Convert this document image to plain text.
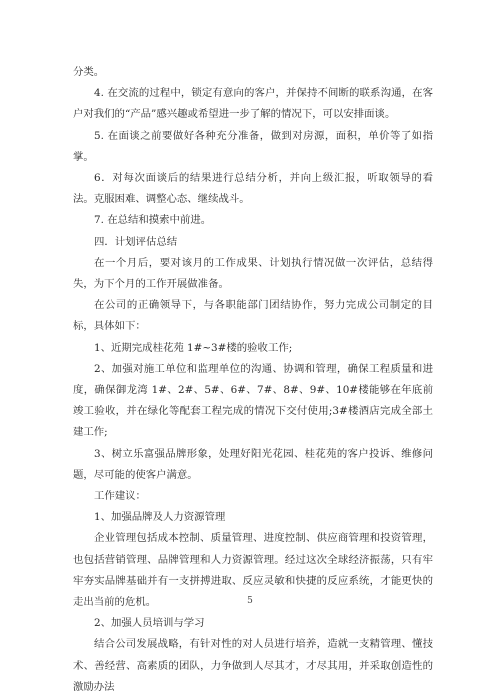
分类。

4. 在交流的过程中，锁定有意向的客户，并保持不间断的联系沟通，在客户对我们的“产品”感兴趣或希望进一步了解的情况下，可以安排面谈。

5. 在面谈之前要做好各种充分准备，做到对房源，面积，单价等了如指掌。

6．对每次面谈后的结果进行总结分析，并向上级汇报，听取领导的看法。克服困难、调整心态、继续战斗。

7. 在总结和摸索中前进。

四．计划评估总结

在一个月后，要对该月的工作成果、计划执行情况做一次评估，总结得失，为下个月的工作开展做准备。

在公司的正确领导下，与各职能部门团结协作，努力完成公司制定的目标，具体如下：

1、近期完成桂花苑 1#~3#楼的验收工作;

2、加强对施工单位和监理单位的沟通、协调和管理，确保工程质量和进度，确保御龙湾 1#、2#、5#、6#、7#、8#、9#、10#楼能够在年底前竣工验收，并在绿化等配套工程完成的情况下交付使用;3#楼酒店完成全部土建工作;

3、树立乐富强品牌形象，处理好阳光花园、桂花苑的客户投诉、维修问题，尽可能的使客户满意。

工作建议：

1、加强品牌及人力资源管理

企业管理包括成本控制、质量管理、进度控制、供应商管理和投资管理，也包括营销管理、品牌管理和人力资源管理。经过这次全球经济振荡，只有牢牢夯实品牌基础并有一支拼搏进取、反应灵敏和快捷的反应系统，才能更快的走出当前的危机。

2、加强人员培训与学习

结合公司发展战略，有针对性的对人员进行培养，造就一支精管理、懂技术、善经营、高素质的团队，力争做到人尽其才，才尽其用，并采取创造性的激励办法

5
